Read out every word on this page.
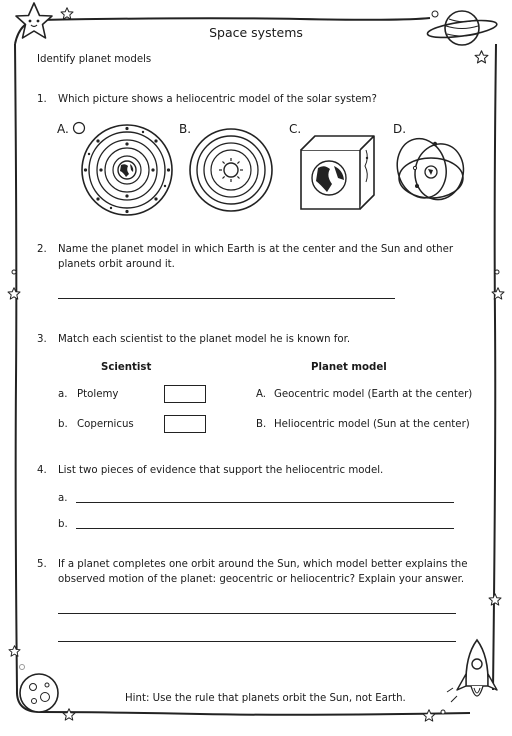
Space systems
Identify planet models
1. Which picture shows a heliocentric model of the solar system?
A.	B.	C.	D.
2. Name the planet model in which Earth is at the center and the Sun and other
planets orbit around it.
3. Match each scientist to the planet model he is known for.
Scientist	Planet model
a. Ptolemy	A. Geocentric model (Earth at the center)
b. Copernicus	B. Heliocentric model (Sun at the center)
4. List two pieces of evidence that support the heliocentric model.
a.
b.
5. If a planet completes one orbit around the Sun, which model better explains the
observed motion of the planet: geocentric or heliocentric? Explain your answer.
Hint: Use the rule that planets orbit the Sun, not Earth.
